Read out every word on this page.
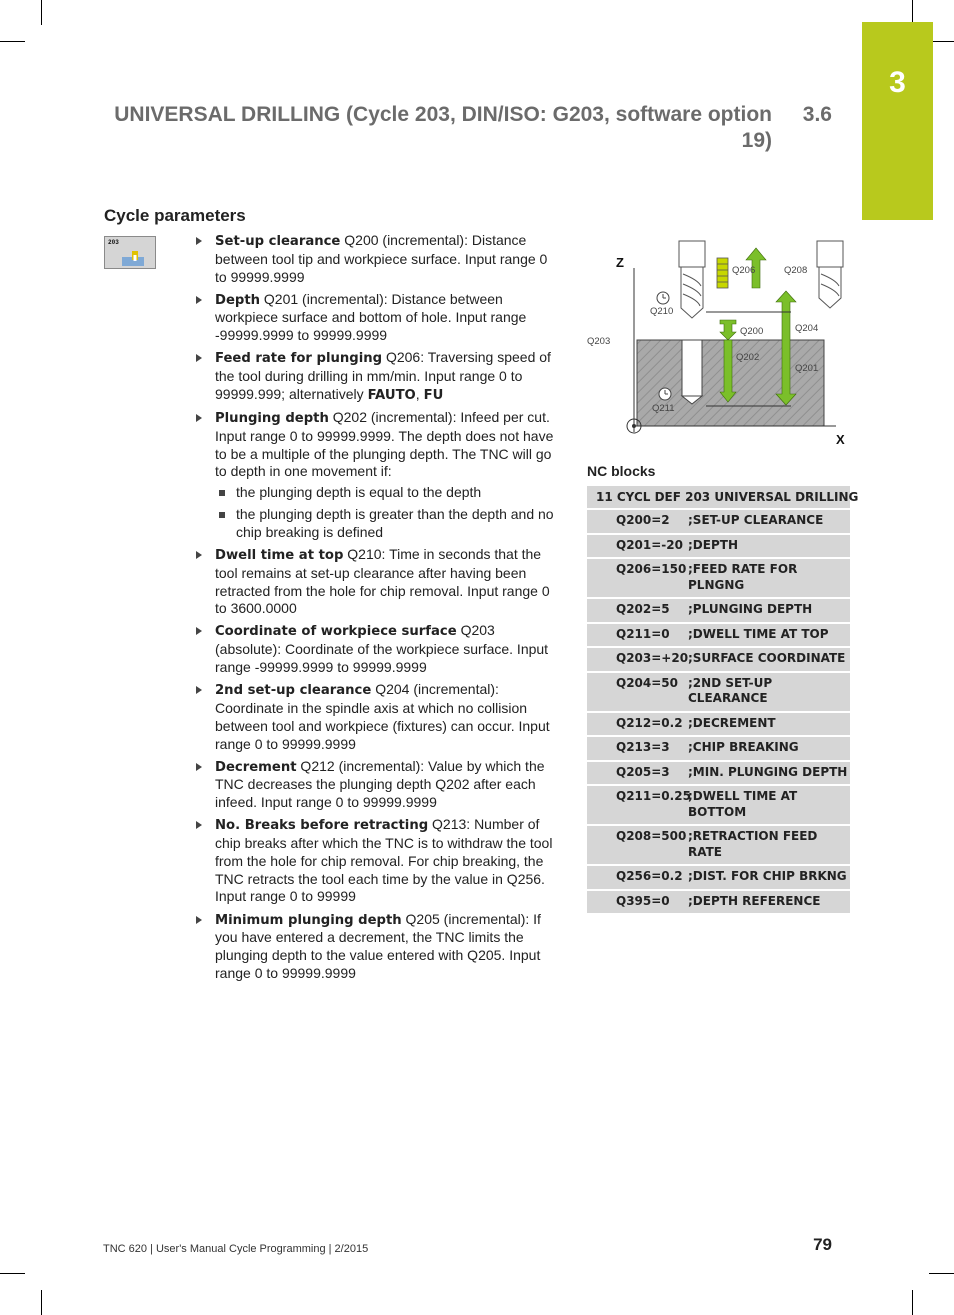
3
UNIVERSAL DRILLING (Cycle 203, DIN/ISO: G203, software option 19)
3.6
Cycle parameters
203	Set-up clearance Q200 (incremental): Distance between tool tip and workpiece surface. Input range 0 to 99999.9999
Depth Q201 (incremental): Distance between workpiece surface and bottom of hole. Input range -99999.9999 to 99999.9999
Feed rate for plunging Q206: Traversing speed of the tool during drilling in mm/min. Input range 0 to 99999.999; alternatively FAUTO, FU
Plunging depth Q202 (incremental): Infeed per cut. Input range 0 to 99999.9999. The depth does not have to be a multiple of the plunging depth. The TNC will go to depth in one movement if:
the plunging depth is equal to the depth
the plunging depth is greater than the depth and no chip breaking is defined
Dwell time at top Q210: Time in seconds that the tool remains at set-up clearance after having been retracted from the hole for chip removal. Input range 0 to 3600.0000
Coordinate of workpiece surface Q203 (absolute): Coordinate of the workpiece surface. Input range -99999.9999 to 99999.9999
2nd set-up clearance Q204 (incremental): Coordinate in the spindle axis at which no collision between tool and workpiece (fixtures) can occur. Input range 0 to 99999.9999
Decrement Q212 (incremental): Value by which the TNC decreases the plunging depth Q202 after each infeed. Input range 0 to 99999.9999
No. Breaks before retracting Q213: Number of chip breaks after which the TNC is to withdraw the tool from the hole for chip removal. For chip breaking, the TNC retracts the tool each time by the value in Q256. Input range 0 to 99999
Minimum plunging depth Q205 (incremental): If you have entered a decrement, the TNC limits the plunging depth to the value entered with Q205. Input range 0 to 99999.9999
Z
X
Q203
Q210
Q206	Q208
Q200	Q204
Q202
Q201
Q211
NC blocks
11 CYCL DEF 203 UNIVERSAL DRILLING
Q200=2	;SET-UP CLEARANCE
Q201=-20 ;DEPTH
Q206=150 ;FEED RATE FOR PLNGNG
Q202=5	;PLUNGING DEPTH
Q211=0	;DWELL TIME AT TOP
Q203=+20 ;SURFACE COORDINATE
Q204=50 ;2ND SET-UP CLEARANCE
Q212=0.2 ;DECREMENT
Q213=3	;CHIP BREAKING
Q205=3	;MIN. PLUNGING DEPTH
Q211=0.25
;DWELL TIME AT BOTTOM
Q208=500 ;RETRACTION FEED RATE
Q256=0.2 ;DIST. FOR CHIP BRKNG
Q395=0	;DEPTH REFERENCE
TNC 620 | User's Manual Cycle Programming | 2/2015	79
